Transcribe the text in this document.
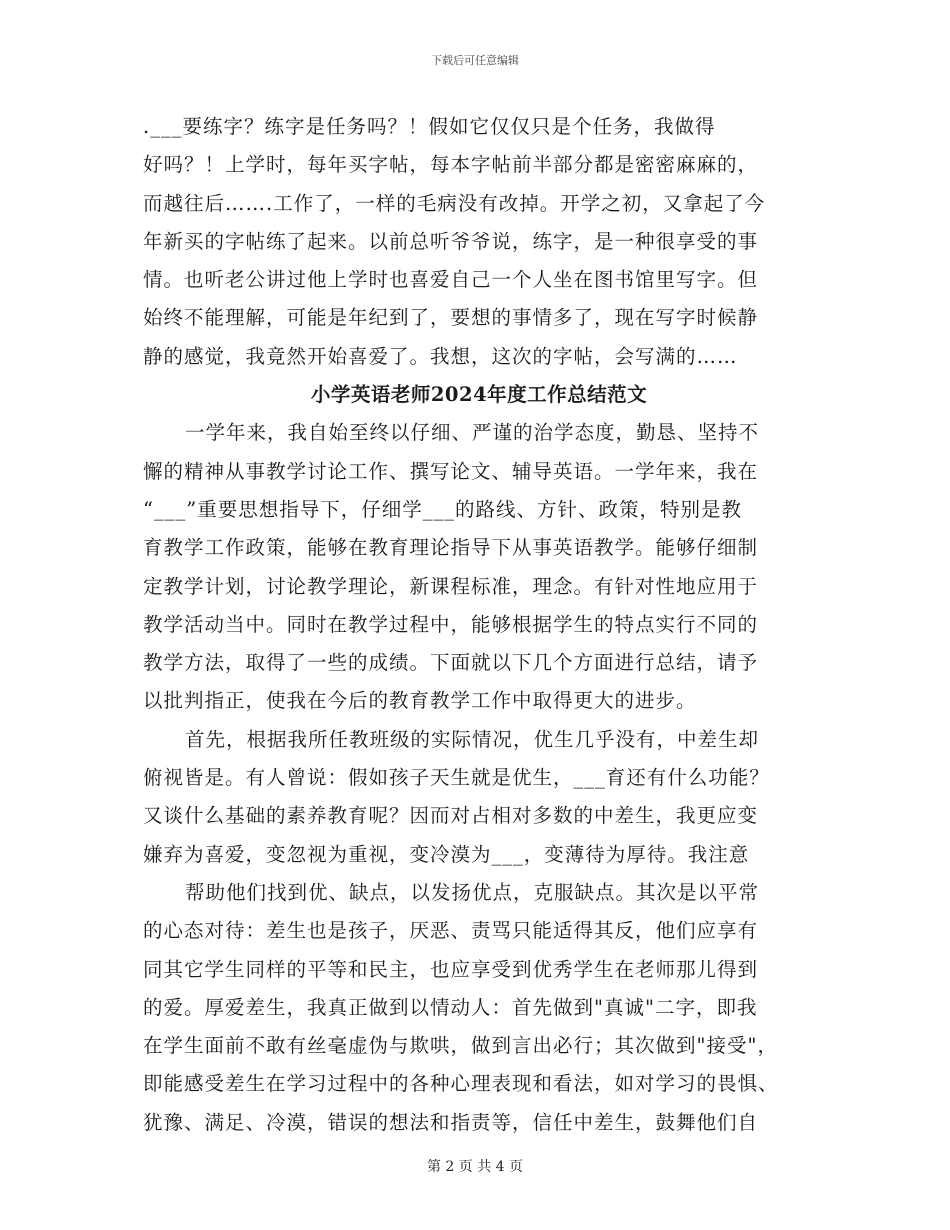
下载后可任意编辑
.___要练字？练字是任务吗？！假如它仅仅只是个任务，我做得
好吗？！上学时，每年买字帖，每本字帖前半部分都是密密麻麻的，
而越往后…….工作了，一样的毛病没有改掉。开学之初，又拿起了今
年新买的字帖练了起来。以前总听爷爷说，练字，是一种很享受的事
情。也听老公讲过他上学时也喜爱自己一个人坐在图书馆里写字。但
始终不能理解，可能是年纪到了，要想的事情多了，现在写字时候静
静的感觉，我竟然开始喜爱了。我想，这次的字帖，会写满的……
小学英语老师2024年度工作总结范文
一学年来，我自始至终以仔细、严谨的治学态度，勤恳、坚持不
懈的精神从事教学讨论工作、撰写论文、辅导英语。一学年来，我在
“___”重要思想指导下，仔细学___的路线、方针、政策，特别是教
育教学工作政策，能够在教育理论指导下从事英语教学。能够仔细制
定教学计划，讨论教学理论，新课程标准，理念。有针对性地应用于
教学活动当中。同时在教学过程中，能够根据学生的特点实行不同的
教学方法，取得了一些的成绩。下面就以下几个方面进行总结，请予
以批判指正，使我在今后的教育教学工作中取得更大的进步。
首先，根据我所任教班级的实际情况，优生几乎没有，中差生却
俯视皆是。有人曾说：假如孩子天生就是优生，___育还有什么功能？
又谈什么基础的素养教育呢？因而对占相对多数的中差生，我更应变
嫌弃为喜爱，变忽视为重视，变冷漠为___，变薄待为厚待。我注意
帮助他们找到优、缺点，以发扬优点，克服缺点。其次是以平常
的心态对待：差生也是孩子，厌恶、责骂只能适得其反，他们应享有
同其它学生同样的平等和民主，也应享受到优秀学生在老师那儿得到
的爱。厚爱差生，我真正做到以情动人：首先做到"真诚"二字，即我
在学生面前不敢有丝毫虚伪与欺哄，做到言出必行；其次做到"接受"，
即能感受差生在学习过程中的各种心理表现和看法，如对学习的畏惧、
犹豫、满足、冷漠，错误的想法和指责等，信任中差生，鼓舞他们自
第 2 页 共 4 页
